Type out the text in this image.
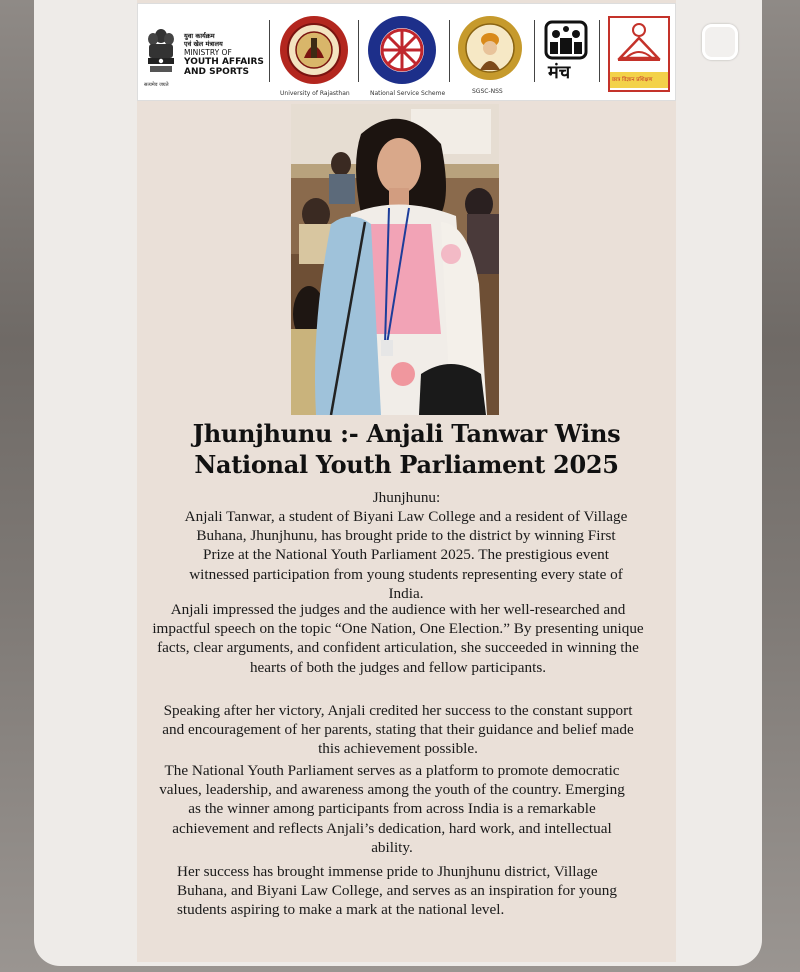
सत्यमेव जयते
युवा कार्यक्रम
एवं खेल मंत्रालय
MINISTRY OF
YOUTH AFFAIRS
AND SPORTS
University of Rajasthan	National Service Scheme	SGSC-NSS
मंच	छात्र विज्ञान प्रशिक्षण
Jhunjhunu :- Anjali Tanwar Wins
National Youth Parliament 2025
Jhunjhunu:
Anjali Tanwar, a student of Biyani Law College and a resident of Village Buhana, Jhunjhunu, has brought pride to the district by winning First Prize at the National Youth Parliament 2025. The prestigious event witnessed participation from young students representing every state of India.
Anjali impressed the judges and the audience with her well-researched and impactful speech on the topic “One Nation, One Election.” By presenting unique facts, clear arguments, and confident articulation, she succeeded in winning the hearts of both the judges and fellow participants.
Speaking after her victory, Anjali credited her success to the constant support and encouragement of her parents, stating that their guidance and belief made this achievement possible.
The National Youth Parliament serves as a platform to promote democratic values, leadership, and awareness among the youth of the country. Emerging as the winner among participants from across India is a remarkable achievement and reflects Anjali’s dedication, hard work, and intellectual ability.
Her success has brought immense pride to Jhunjhunu district, Village Buhana, and Biyani Law College, and serves as an inspiration for young students aspiring to make a mark at the national level.
